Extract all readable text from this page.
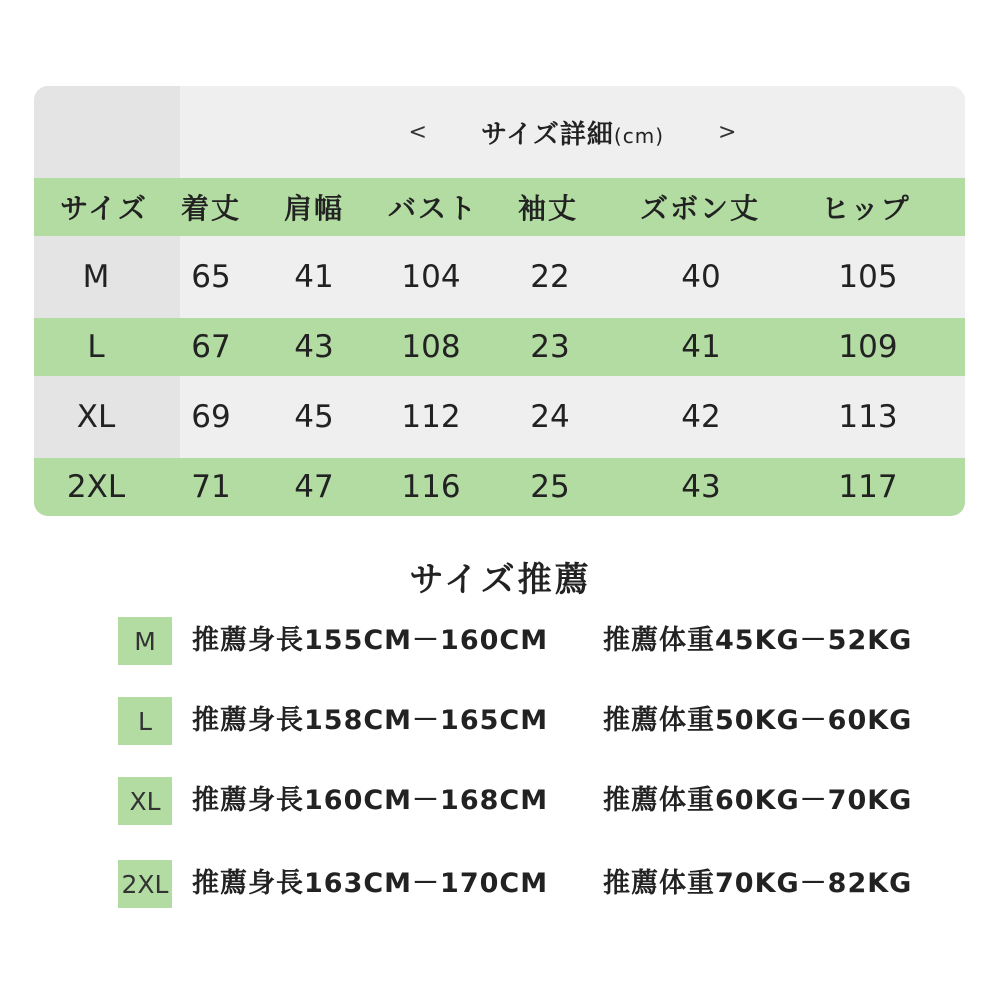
<	サイズ詳細(cm)	>
サイズ 着丈 肩幅 バスト 袖丈 ズボン丈 ヒップ
M	65 41 104 22	40	105
L	67 43 108 23	41	109
XL 69 45 112 24	42	113
2XL 71 47 116 25	43	117
サイズ推薦
M	推薦身長155CM－160CM 推薦体重45KG－52KG
L	推薦身長158CM－165CM 推薦体重50KG－60KG
XL	推薦身長160CM－168CM 推薦体重60KG－70KG
2XL 推薦身長163CM－170CM 推薦体重70KG－82KG
